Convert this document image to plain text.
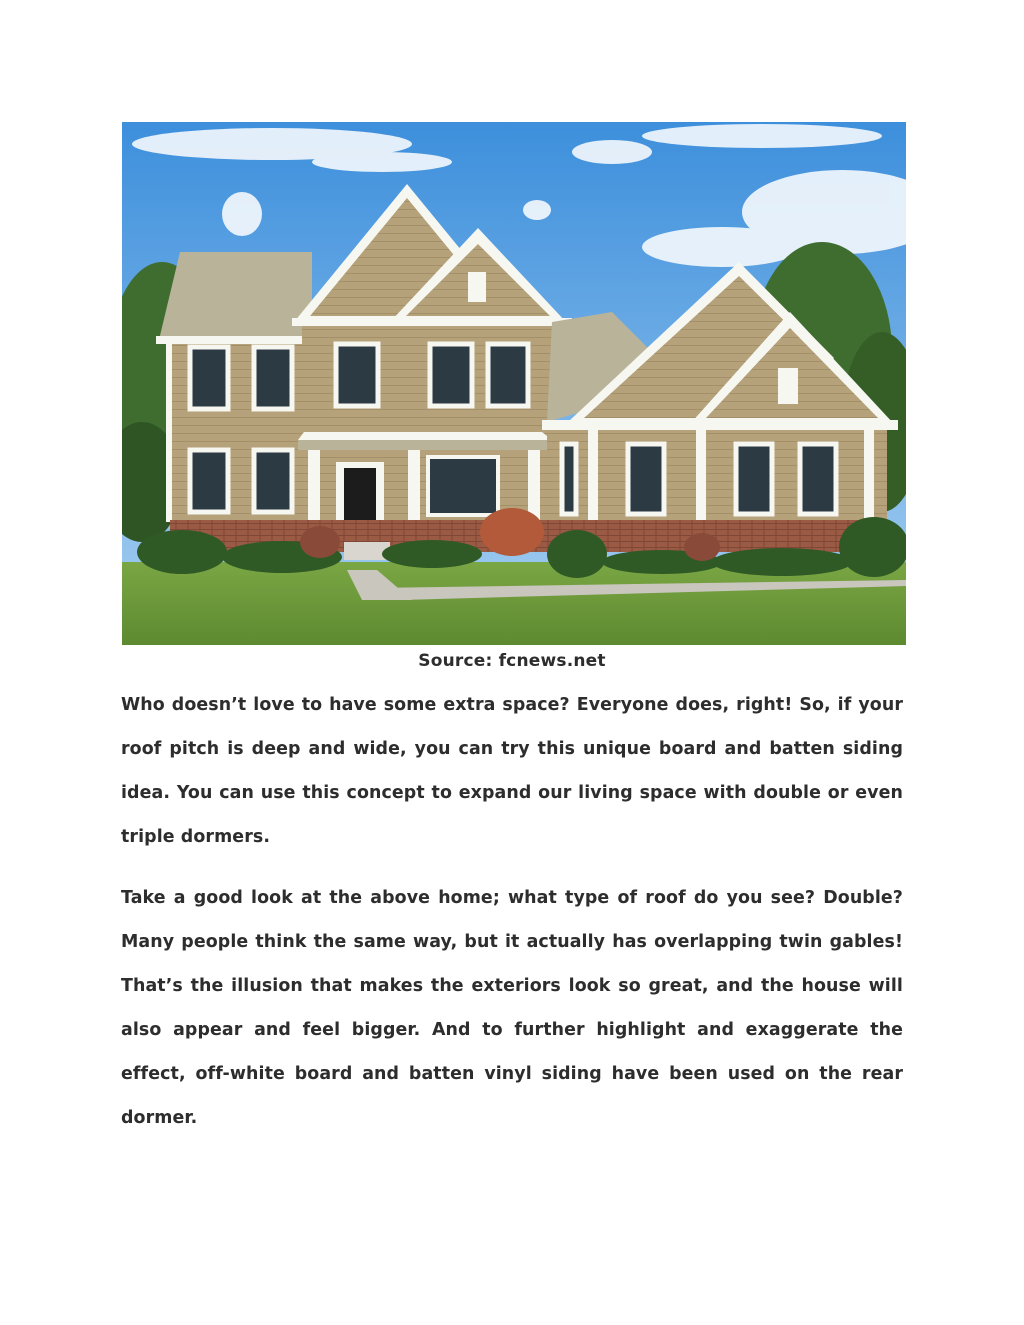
Source: fcnews.net

Who doesn’t love to have some extra space? Everyone does, right! So, if your roof pitch is deep and wide, you can try this unique board and batten siding idea. You can use this concept to expand our living space with double or even triple dormers.

Take a good look at the above home; what type of roof do you see? Double? Many people think the same way, but it actually has overlapping twin gables! That’s the illusion that makes the exteriors look so great, and the house will also appear and feel bigger. And to further highlight and exaggerate the effect, off-white board and batten vinyl siding have been used on the rear dormer.
